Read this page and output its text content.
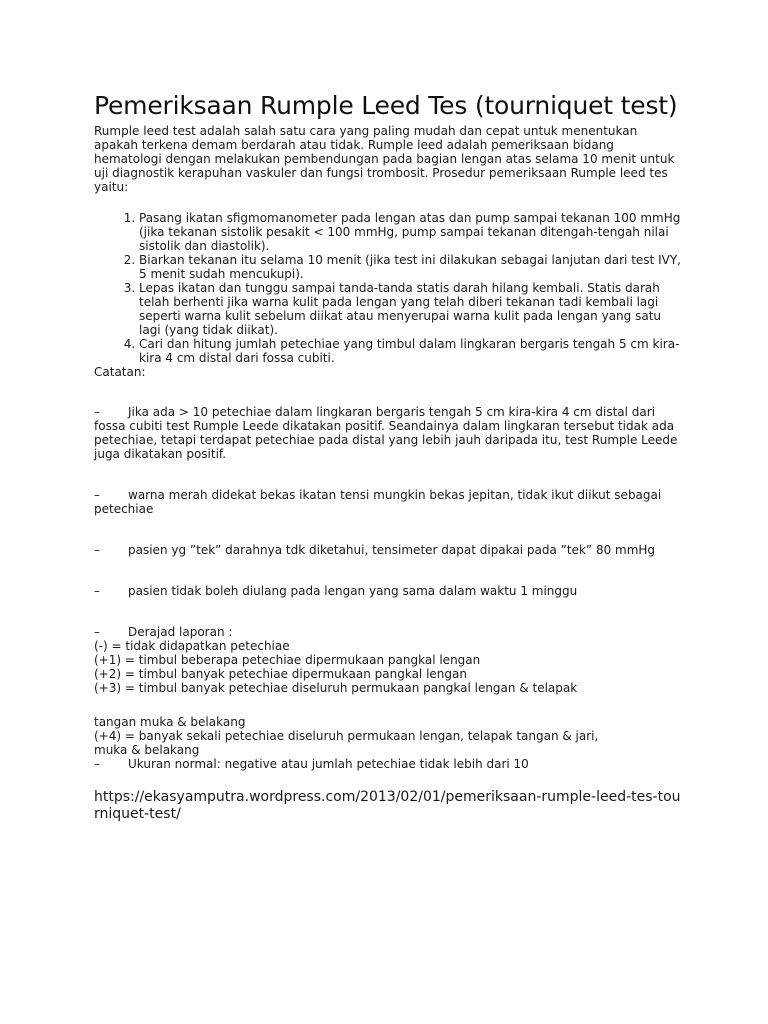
Pemeriksaan Rumple Leed Tes (tourniquet test)

Rumple leed test adalah salah satu cara yang paling mudah dan cepat untuk menentukan apakah terkena demam berdarah atau tidak. Rumple leed adalah pemeriksaan bidang hematologi dengan melakukan pembendungan pada bagian lengan atas selama 10 menit untuk uji diagnostik kerapuhan vaskuler dan fungsi trombosit. Prosedur pemeriksaan Rumple leed tes yaitu:

1. Pasang ikatan sfigmomanometer pada lengan atas dan pump sampai tekanan 100 mmHg (jika tekanan sistolik pesakit < 100 mmHg, pump sampai tekanan ditengah-tengah nilai sistolik dan diastolik).
2. Biarkan tekanan itu selama 10 menit (jika test ini dilakukan sebagai lanjutan dari test IVY, 5 menit sudah mencukupi).
3. Lepas ikatan dan tunggu sampai tanda-tanda statis darah hilang kembali. Statis darah telah berhenti jika warna kulit pada lengan yang telah diberi tekanan tadi kembali lagi seperti warna kulit sebelum diikat atau menyerupai warna kulit pada lengan yang satu lagi (yang tidak diikat).
4. Cari dan hitung jumlah petechiae yang timbul dalam lingkaran bergaris tengah 5 cm kira-kira 4 cm distal dari fossa cubiti.

Catatan:

– Jika ada > 10 petechiae dalam lingkaran bergaris tengah 5 cm kira-kira 4 cm distal dari fossa cubiti test Rumple Leede dikatakan positif. Seandainya dalam lingkaran tersebut tidak ada petechiae, tetapi terdapat petechiae pada distal yang lebih jauh daripada itu, test Rumple Leede juga dikatakan positif.

– warna merah didekat bekas ikatan tensi mungkin bekas jepitan, tidak ikut diikut sebagai petechiae

– pasien yg ”tek” darahnya tdk diketahui, tensimeter dapat dipakai pada ”tek” 80 mmHg

– pasien tidak boleh diulang pada lengan yang sama dalam waktu 1 minggu

– Derajad laporan :

(-) = tidak didapatkan petechiae

(+1) = timbul beberapa petechiae dipermukaan pangkal lengan

(+2) = timbul banyak petechiae dipermukaan pangkal lengan

(+3) = timbul banyak petechiae diseluruh permukaan pangkal lengan & telapak

tangan muka & belakang

(+4) = banyak sekali petechiae diseluruh permukaan lengan, telapak tangan & jari,

muka & belakang

– Ukuran normal: negative atau jumlah petechiae tidak lebih dari 10

https://ekasyamputra.wordpress.com/2013/02/01/pemeriksaan-rumple-leed-tes-tourniquet-test/
